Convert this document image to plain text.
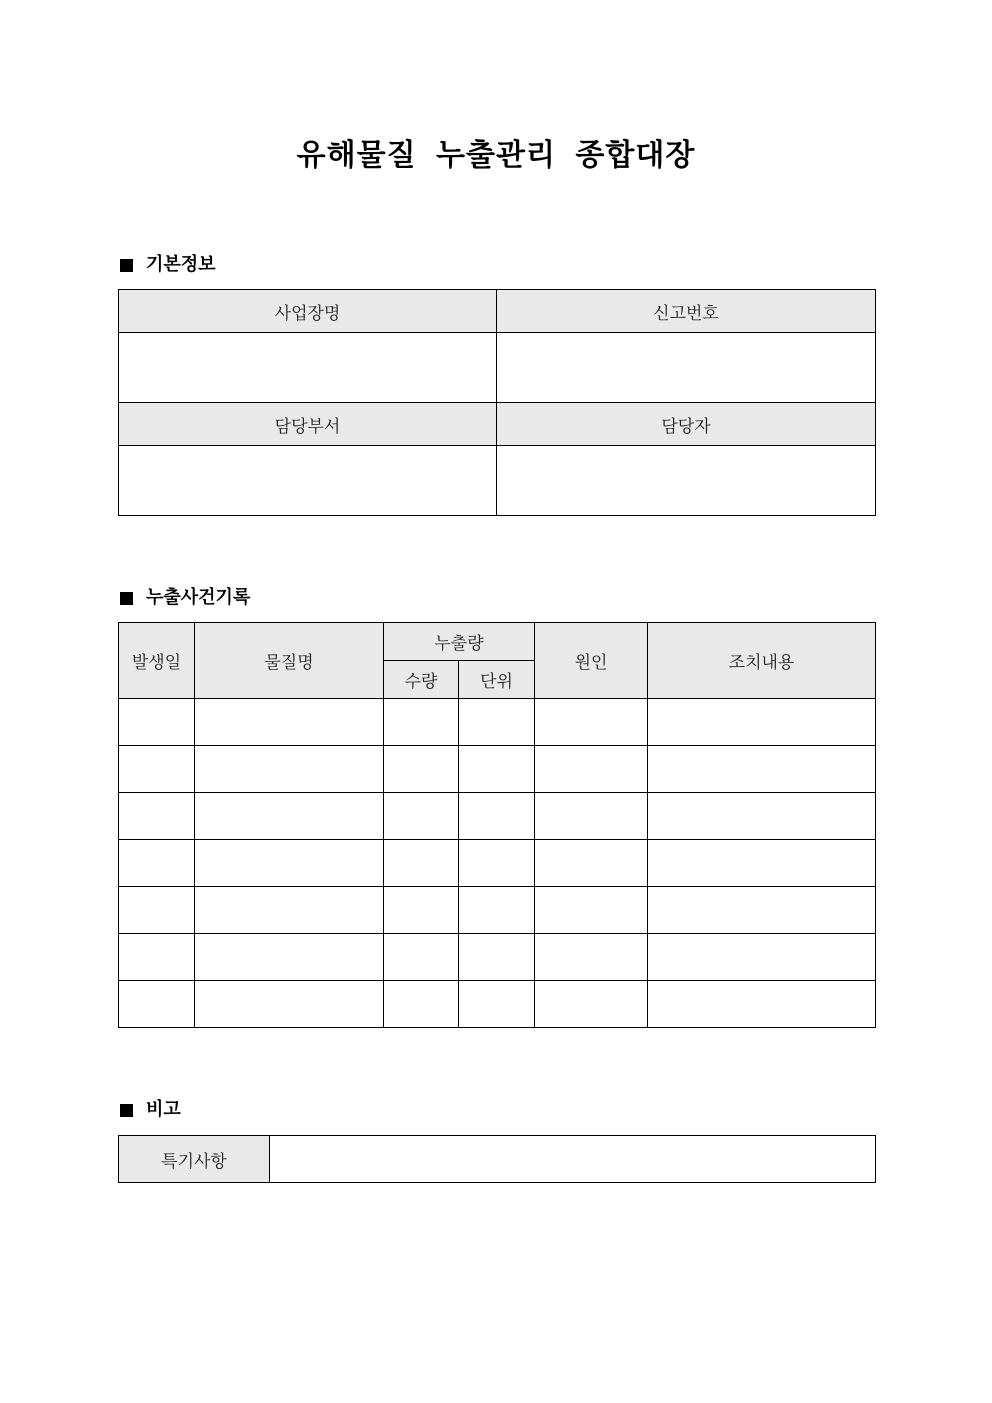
유해물질 누출관리 종합대장
기본정보
사업장명	신고번호

담당부서	담당자

누출사건기록
발생일	물질명	누출량		원인	조치내용
		수량	단위		

비고
특기사항	
